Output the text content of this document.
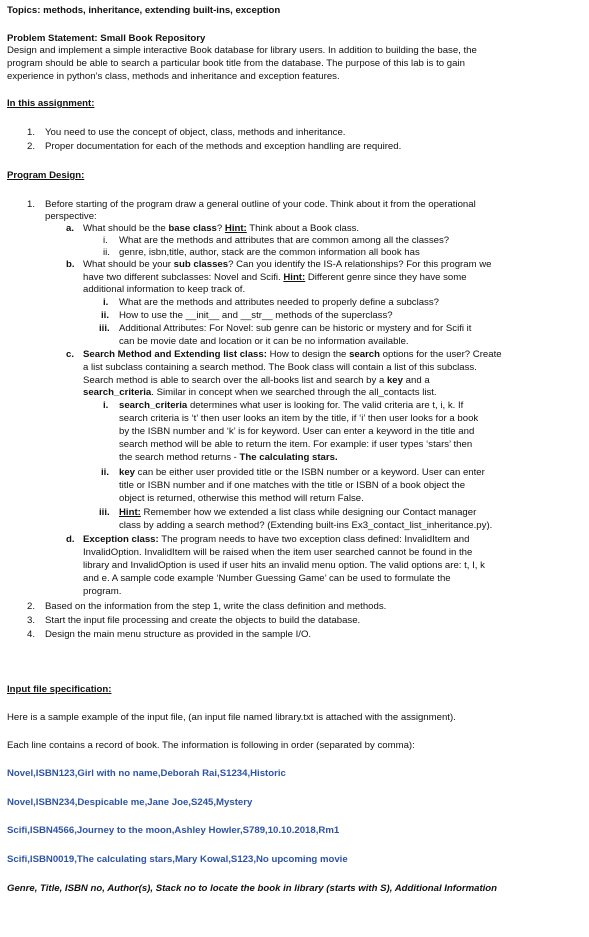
Topics: methods, inheritance, extending built-ins, exception
Problem Statement: Small Book Repository
Design and implement a simple interactive Book database for library users. In addition to building the base, the
program should be able to search a particular book title from the database. The purpose of this lab is to gain
experience in python’s class, methods and inheritance and exception features.
In this assignment:
1. You need to use the concept of object, class, methods and inheritance.
2. Proper documentation for each of the methods and exception handling are required.
Program Design:
1. Before starting of the program draw a general outline of your code. Think about it from the operational
perspective:
a. What should be the base class? Hint: Think about a Book class.
i. What are the methods and attributes that are common among all the classes?
ii. genre, isbn,title, author, stack are the common information all book has
b. What should be your sub classes? Can you identify the IS-A relationships? For this program we
have two different subclasses: Novel and Scifi. Hint: Different genre since they have some
additional information to keep track of.
i. What are the methods and attributes needed to properly define a subclass?
ii. How to use the __init__ and __str__ methods of the superclass?
iii. Additional Attributes: For Novel: sub genre can be historic or mystery and for Scifi it
can be movie date and location or it can be no information available.
c. Search Method and Extending list class: How to design the search options for the user? Create
a list subclass containing a search method. The Book class will contain a list of this subclass.
Search method is able to search over the all-books list and search by a key and a
search_criteria. Similar in concept when we searched through the all_contacts list.
i. search_criteria determines what user is looking for. The valid criteria are t, i, k. If
search criteria is ‘t’ then user looks an item by the title, if ‘i’ then user looks for a book
by the ISBN number and ‘k’ is for keyword. User can enter a keyword in the title and
search method will be able to return the item. For example: if user types ‘stars’ then
the search method returns - The calculating stars.
ii. key can be either user provided title or the ISBN number or a keyword. User can enter
title or ISBN number and if one matches with the title or ISBN of a book object the
object is returned, otherwise this method will return False.
iii. Hint: Remember how we extended a list class while designing our Contact manager
class by adding a search method? (Extending built-ins Ex3_contact_list_inheritance.py).
d. Exception class: The program needs to have two exception class defined: InvalidItem and
InvalidOption. InvalidItem will be raised when the item user searched cannot be found in the
library and InvalidOption is used if user hits an invalid menu option. The valid options are: t, I, k
and e. A sample code example ‘Number Guessing Game’ can be used to formulate the
program.
2. Based on the information from the step 1, write the class definition and methods.
3. Start the input file processing and create the objects to build the database.
4. Design the main menu structure as provided in the sample I/O.
Input file specification:
Here is a sample example of the input file, (an input file named library.txt is attached with the assignment).
Each line contains a record of book. The information is following in order (separated by comma):
Novel,ISBN123,Girl with no name,Deborah Rai,S1234,Historic
Novel,ISBN234,Despicable me,Jane Joe,S245,Mystery
Scifi,ISBN4566,Journey to the moon,Ashley Howler,S789,10.10.2018,Rm1
Scifi,ISBN0019,The calculating stars,Mary Kowal,S123,No upcoming movie
Genre, Title, ISBN no, Author(s), Stack no to locate the book in library (starts with S), Additional Information
